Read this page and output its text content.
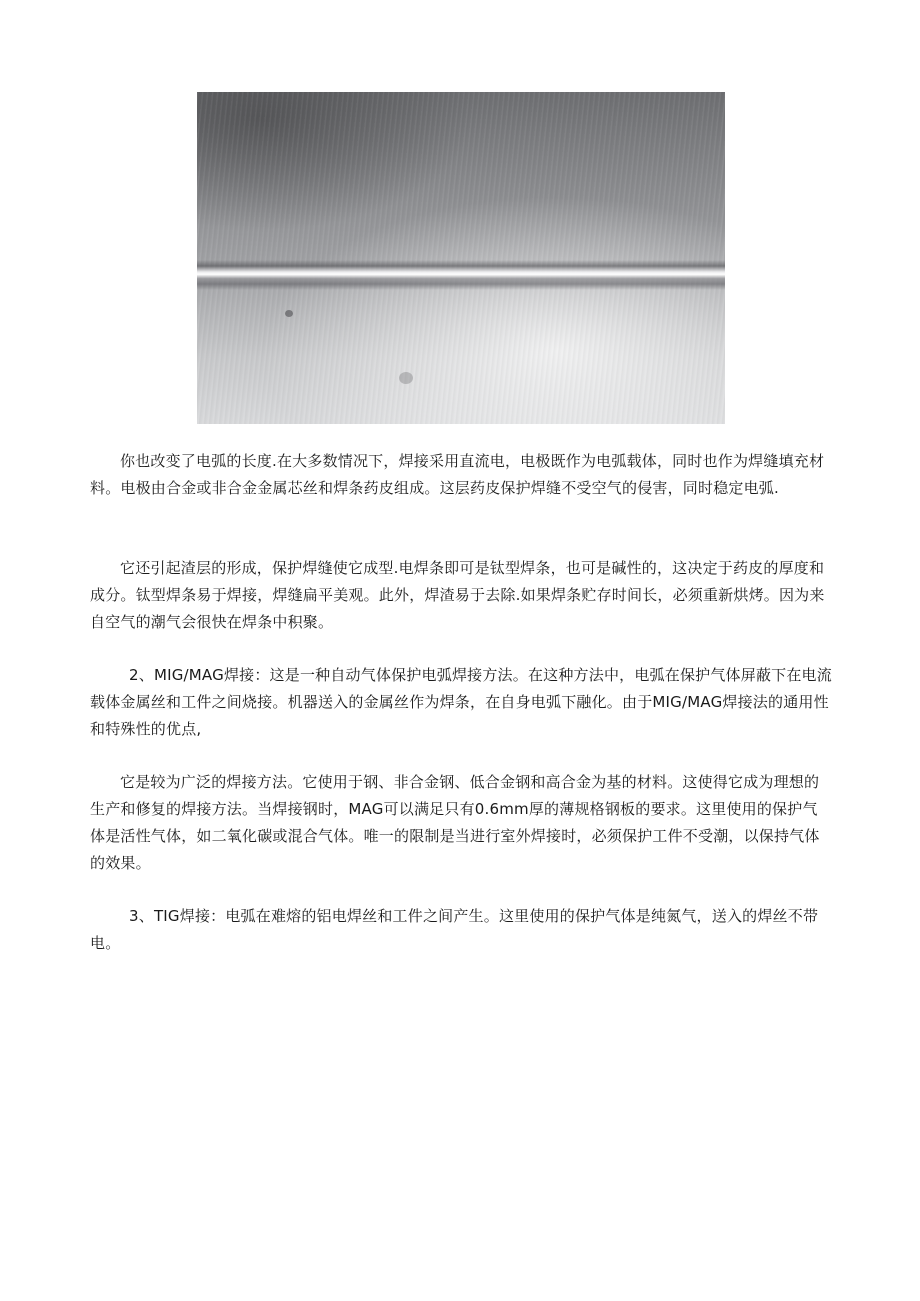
你也改变了电弧的长度.在大多数情况下，焊接采用直流电，电极既作为电弧载体，同时也作为焊缝填充材料。电极由合金或非合金金属芯丝和焊条药皮组成。这层药皮保护焊缝不受空气的侵害，同时稳定电弧.

它还引起渣层的形成，保护焊缝使它成型.电焊条即可是钛型焊条，也可是碱性的，这决定于药皮的厚度和成分。钛型焊条易于焊接，焊缝扁平美观。此外，焊渣易于去除.如果焊条贮存时间长，必须重新烘烤。因为来自空气的潮气会很快在焊条中积聚。

2、MIG/MAG焊接：这是一种自动气体保护电弧焊接方法。在这种方法中，电弧在保护气体屏蔽下在电流载体金属丝和工件之间烧接。机器送入的金属丝作为焊条，在自身电弧下融化。由于MIG/MAG焊接法的通用性和特殊性的优点,

它是较为广泛的焊接方法。它使用于钢、非合金钢、低合金钢和高合金为基的材料。这使得它成为理想的生产和修复的焊接方法。当焊接钢时，MAG可以满足只有0.6mm厚的薄规格钢板的要求。这里使用的保护气体是活性气体，如二氧化碳或混合气体。唯一的限制是当进行室外焊接时，必须保护工件不受潮，以保持气体的效果。

3、TIG焊接：电弧在难熔的铝电焊丝和工件之间产生。这里使用的保护气体是纯氮气，送入的焊丝不带电。
